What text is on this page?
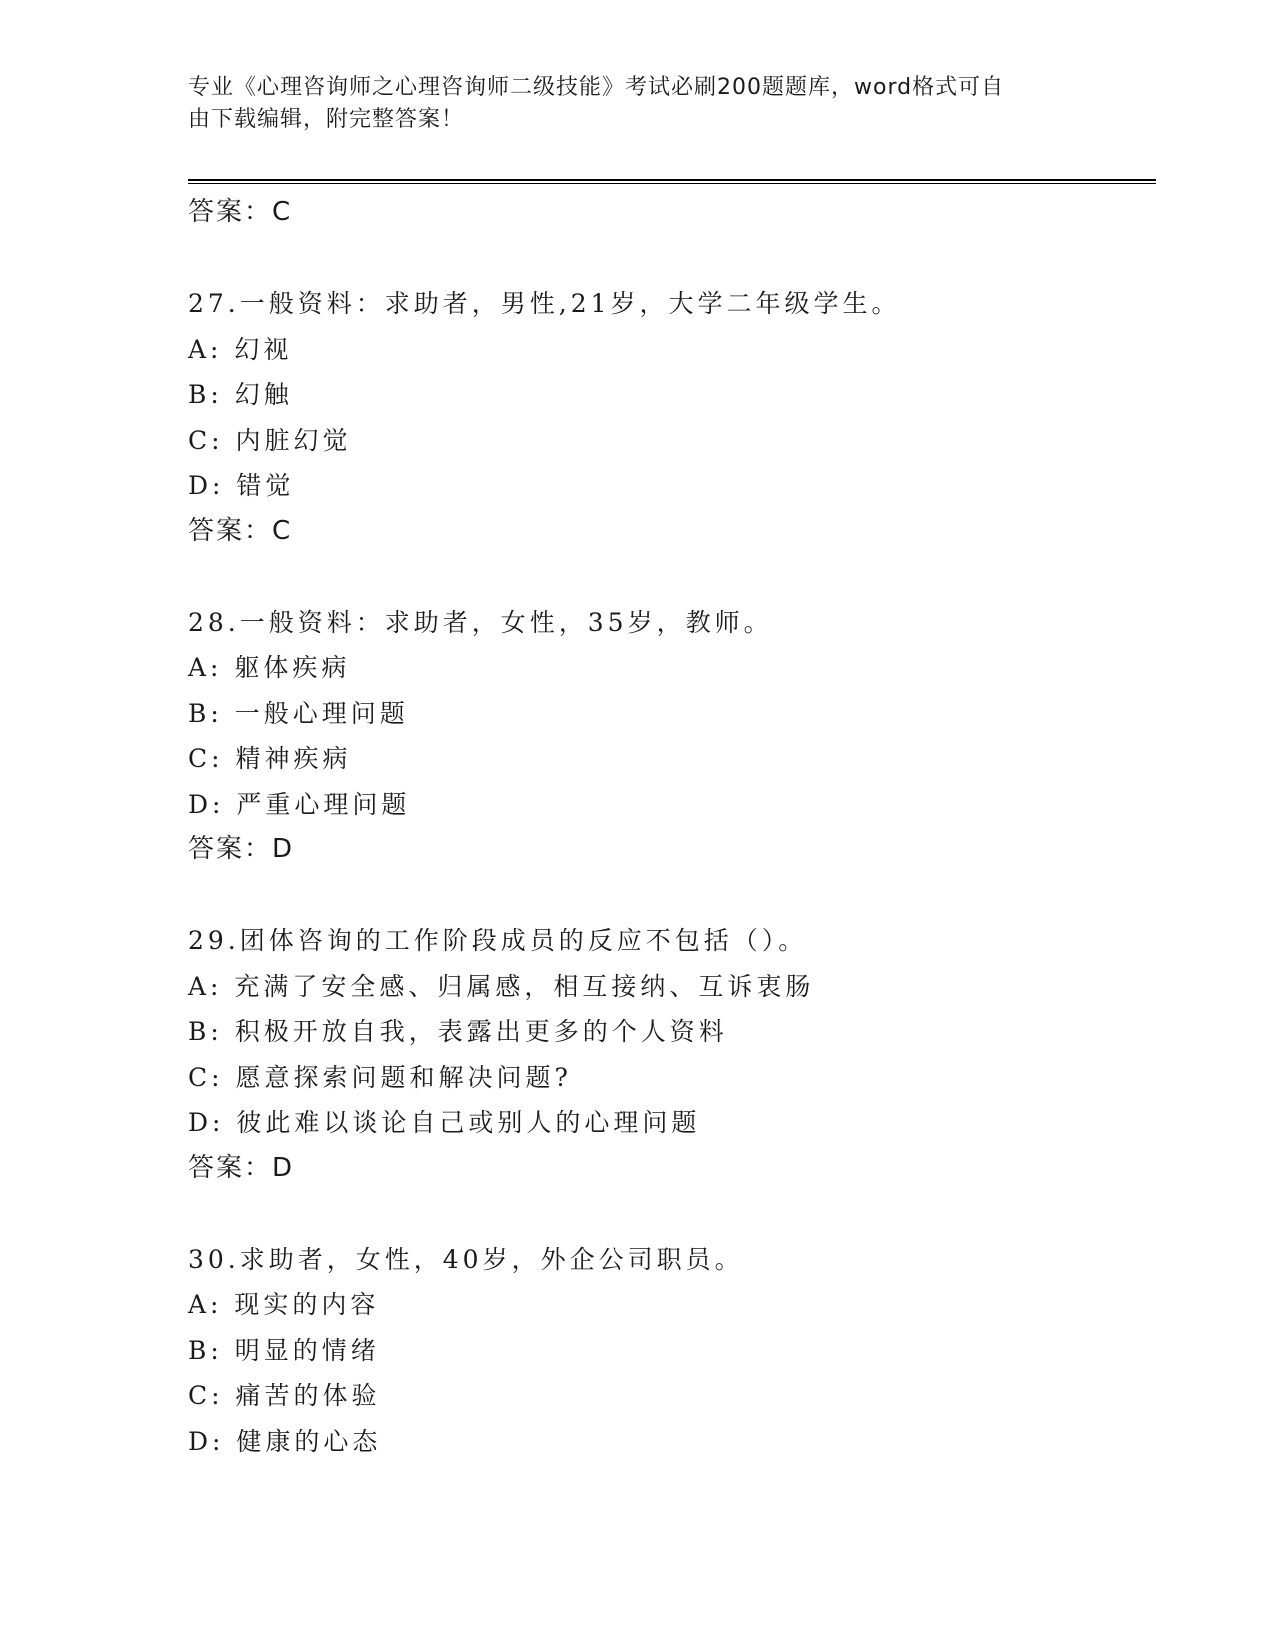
专业《心理咨询师之心理咨询师二级技能》考试必刷200题题库，word格式可自
由下载编辑，附完整答案！
答案：C
27.一般资料：求助者，男性,21岁，大学二年级学生。
A: 幻视
B: 幻触
C: 内脏幻觉
D: 错觉
答案：C
28.一般资料：求助者，女性，35岁，教师。
A: 躯体疾病
B: 一般心理问题
C: 精神疾病
D: 严重心理问题
答案：D
29.团体咨询的工作阶段成员的反应不包括（）。
A: 充满了安全感、归属感，相互接纳、互诉衷肠
B: 积极开放自我，表露出更多的个人资料
C: 愿意探索问题和解决问题?
D: 彼此难以谈论自己或别人的心理问题
答案：D
30.求助者，女性，40岁，外企公司职员。
A: 现实的内容
B: 明显的情绪
C: 痛苦的体验
D: 健康的心态
